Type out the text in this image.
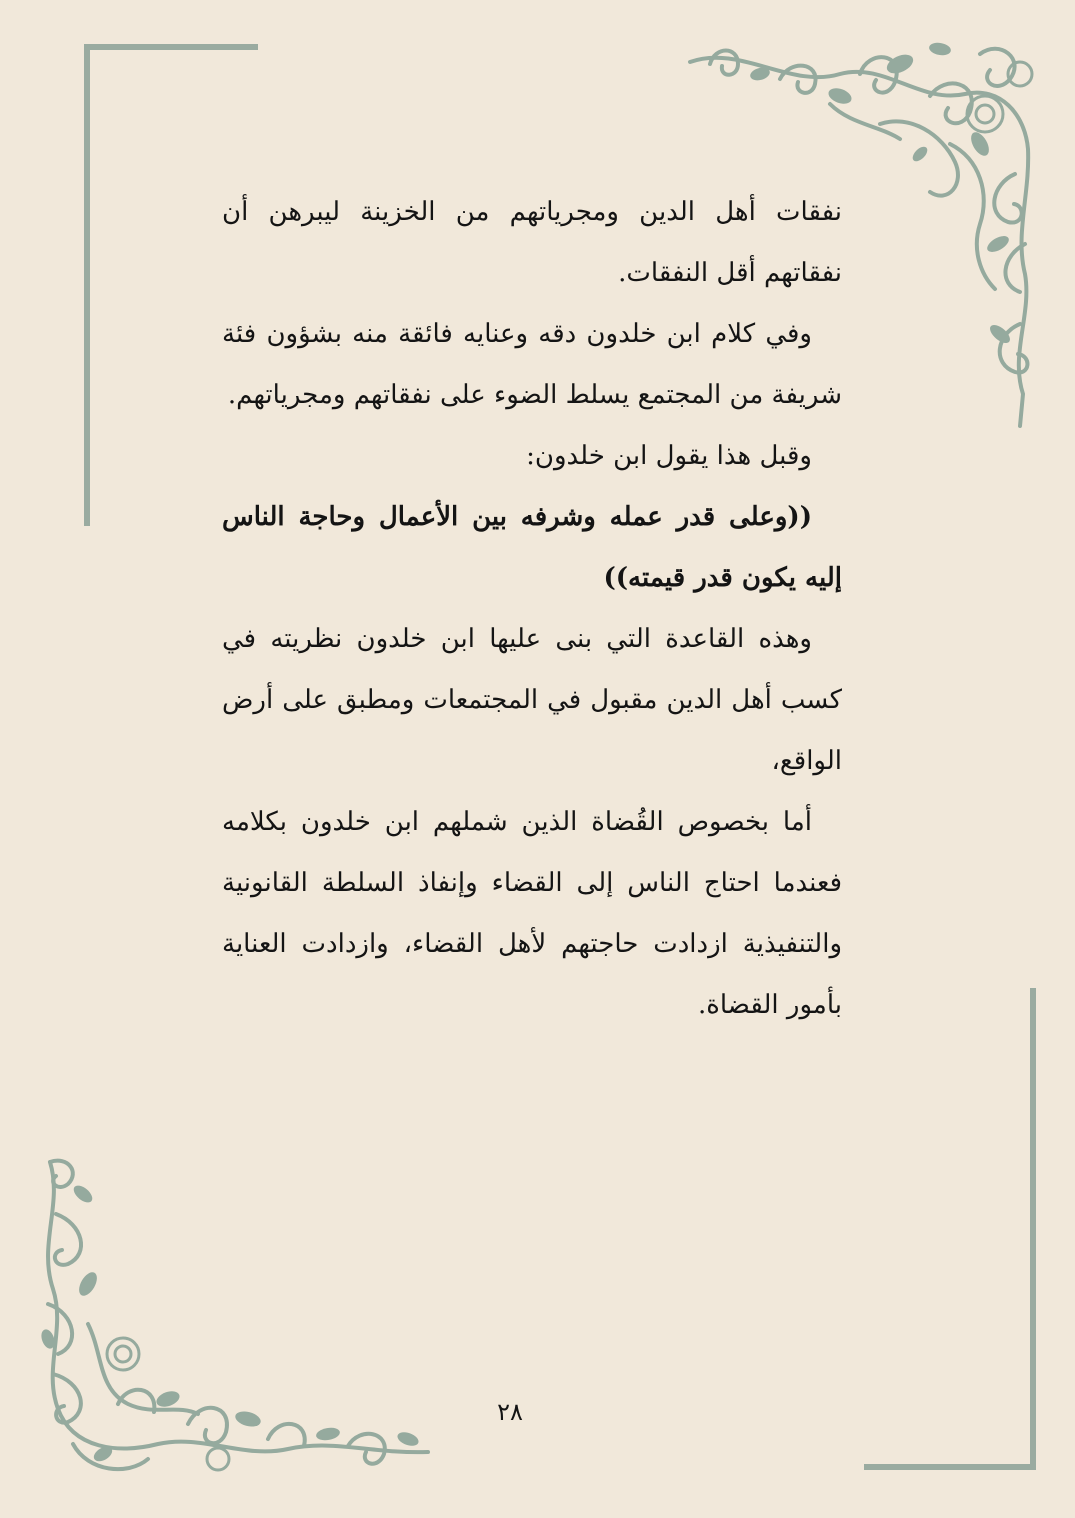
نفقات أهل الدين ومجرياتهم من الخزينة ليبرهن أن نفقاتهم أقل النفقات.

وفي كلام ابن خلدون دقه وعنايه فائقة منه بشؤون فئة شريفة من المجتمع يسلط الضوء على نفقاتهم ومجرياتهم.

وقبل هذا يقول ابن خلدون:

((وعلى قدر عمله وشرفه بين الأعمال وحاجة الناس إليه يكون قدر قيمته))

وهذه القاعدة التي بنى عليها ابن خلدون نظريته في كسب أهل الدين مقبول في المجتمعات ومطبق على أرض الواقع،

أما بخصوص القُضاة الذين شملهم ابن خلدون بكلامه فعندما احتاج الناس إلى القضاء وإنفاذ السلطة القانونية والتنفيذية ازدادت حاجتهم لأهل القضاء، وازدادت العناية بأمور القضاة.

٢٨
